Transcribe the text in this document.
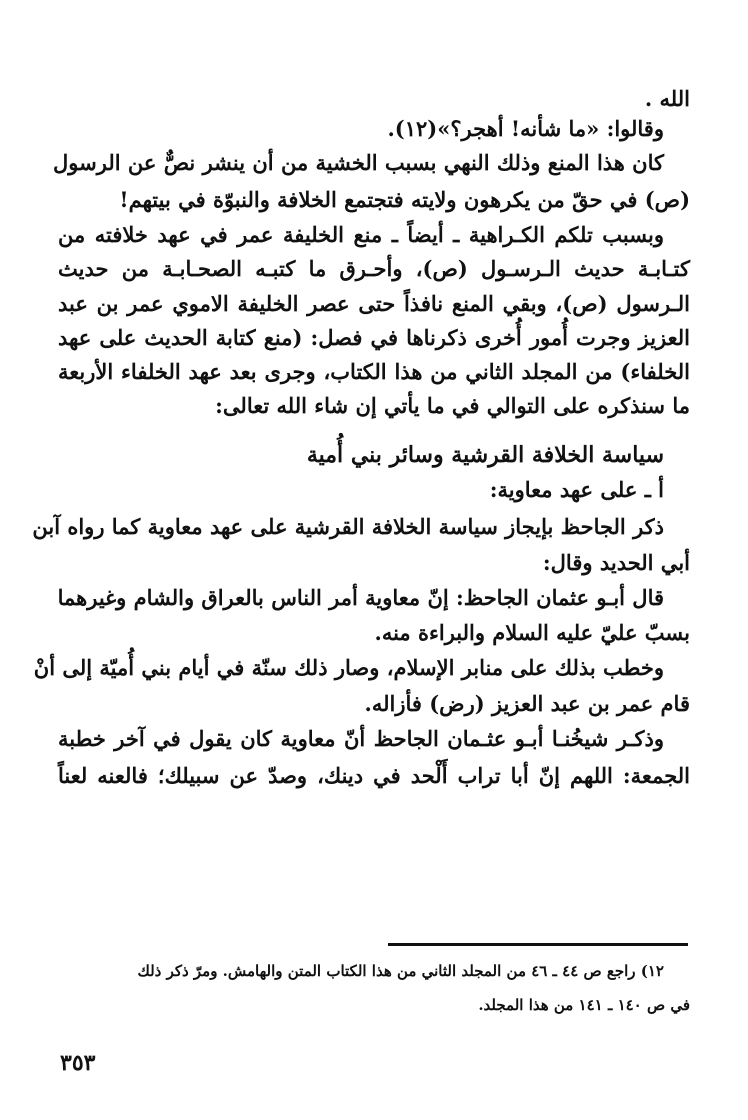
الله .
وقالوا: «ما شأنه! أهجر؟»(١٢).
كان هذا المنع وذلك النهي بسبب الخشية من أن ينشر نصٌّ عن الرسول
(ص) في حقّ من يكرهون ولايته فتجتمع الخلافة والنبوّة في بيتهم!
وبسبب تلكم الكـراهية ـ أيضاً ـ منع الخليفة عمر في عهد خلافته من
كتـابـة حديث الـرسـول (ص)، وأحـرق ما كتبـه الصحـابـة من حديث
الـرسول (ص)، وبقي المنع نافذاً حتى عصر الخليفة الاموي عمر بن عبد
العزيز وجرت أُمور أُخرى ذكرناها في فصل: (منع كتابة الحديث على عهد
الخلفاء) من المجلد الثاني من هذا الكتاب، وجرى بعد عهد الخلفاء الأربعة
ما سنذكره على التوالي في ما يأتي إن شاء الله تعالى:
سياسة الخلافة القرشية وسائر بني أُمية
أ ـ على عهد معاوية:
ذكر الجاحظ بإيجاز سياسة الخلافة القرشية على عهد معاوية كما رواه آبن
أبي الحديد وقال:
قال أبـو عثمان الجاحظ: إنّ معاوية أمر الناس بالعراق والشام وغيرهما
بسبّ عليّ عليه السلام والبراءة منه.
وخطب بذلك على منابر الإسلام، وصار ذلك سنّة في أيام بني أُميّة إلى أنْ
قام عمر بن عبد العزيز (رض) فأزاله.
وذكـر شيخُنـا أبـو عثـمان الجاحظ أنّ معاوية كان يقول في آخر خطبة
الجمعة: اللهم إنّ أبا تراب أَلْحد في دينك، وصدّ عن سبيلك؛ فالعنه لعناً
١٢) راجع ص ٤٤ ـ ٤٦ من المجلد الثاني من هذا الكتاب المتن والهامش. ومرّ ذكر ذلك
في ص ١٤٠ ـ ١٤١ من هذا المجلد.
٣٥٣
